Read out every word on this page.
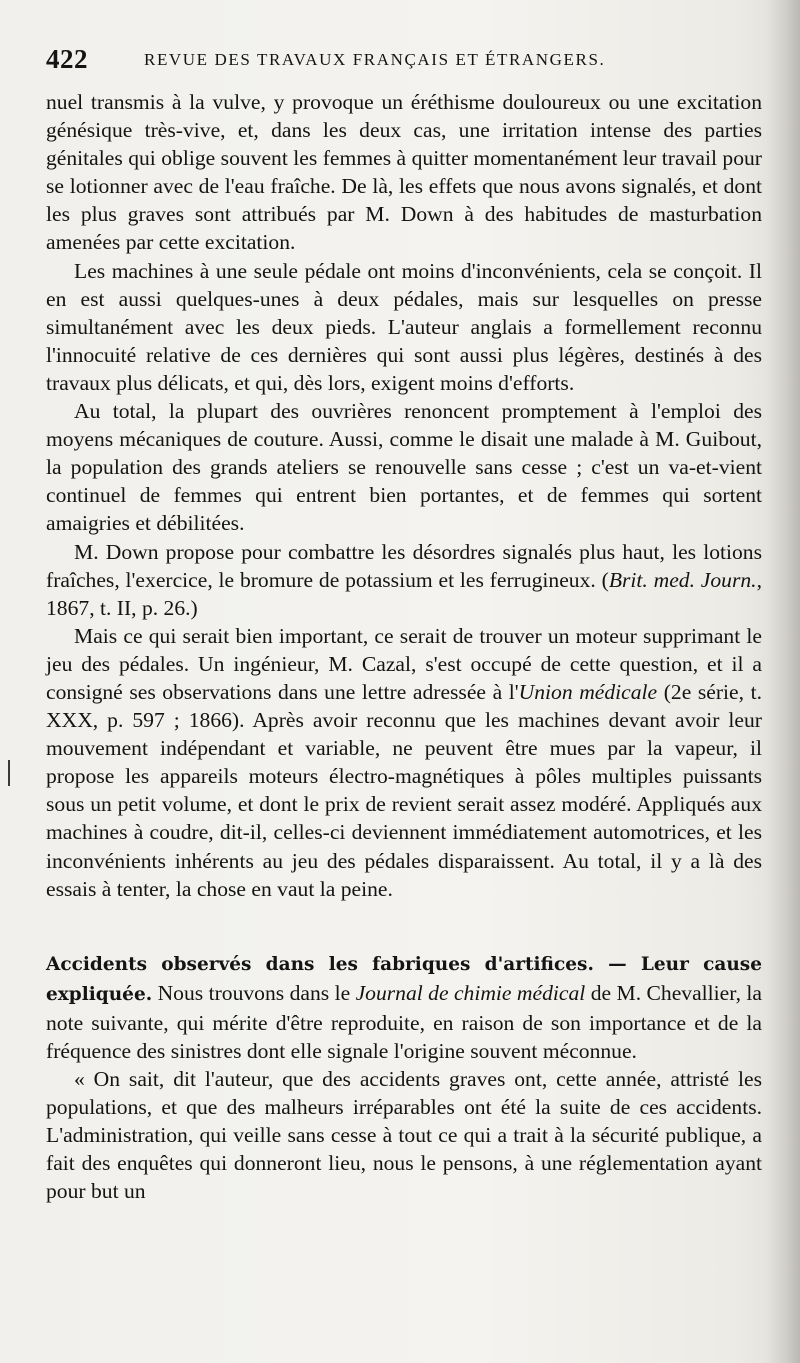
422	REVUE DES TRAVAUX FRANÇAIS ET ÉTRANGERS.

nuel transmis à la vulve, y provoque un éréthisme douloureux ou une excitation génésique très-vive, et, dans les deux cas, une irritation intense des parties génitales qui oblige souvent les femmes à quitter momentanément leur travail pour se lotionner avec de l'eau fraîche. De là, les effets que nous avons signalés, et dont les plus graves sont attribués par M. Down à des habitudes de masturbation amenées par cette excitation.

Les machines à une seule pédale ont moins d'inconvénients, cela se conçoit. Il en est aussi quelques-unes à deux pédales, mais sur lesquelles on presse simultanément avec les deux pieds. L'auteur anglais a formellement reconnu l'innocuité relative de ces dernières qui sont aussi plus légères, destinés à des travaux plus délicats, et qui, dès lors, exigent moins d'efforts.

Au total, la plupart des ouvrières renoncent promptement à l'emploi des moyens mécaniques de couture. Aussi, comme le disait une malade à M. Guibout, la population des grands ateliers se renouvelle sans cesse ; c'est un va-et-vient continuel de femmes qui entrent bien portantes, et de femmes qui sortent amaigries et débilitées.

M. Down propose pour combattre les désordres signalés plus haut, les lotions fraîches, l'exercice, le bromure de potassium et les ferrugineux. (Brit. med. Journ., 1867, t. II, p. 26.)

Mais ce qui serait bien important, ce serait de trouver un moteur supprimant le jeu des pédales. Un ingénieur, M. Cazal, s'est occupé de cette question, et il a consigné ses observations dans une lettre adressée à l'Union médicale (2e série, t. XXX, p. 597 ; 1866). Après avoir reconnu que les machines devant avoir leur mouvement indépendant et variable, ne peuvent être mues par la vapeur, il propose les appareils moteurs électro-magnétiques à pôles multiples puissants sous un petit volume, et dont le prix de revient serait assez modéré. Appliqués aux machines à coudre, dit-il, celles-ci deviennent immédiatement automotrices, et les inconvénients inhérents au jeu des pédales disparaissent. Au total, il y a là des essais à tenter, la chose en vaut la peine.

Accidents observés dans les fabriques d'artifices. — Leur cause expliquée. Nous trouvons dans le Journal de chimie médical de M. Chevallier, la note suivante, qui mérite d'être reproduite, en raison de son importance et de la fréquence des sinistres dont elle signale l'origine souvent méconnue.

« On sait, dit l'auteur, que des accidents graves ont, cette année, attristé les populations, et que des malheurs irréparables ont été la suite de ces accidents. L'administration, qui veille sans cesse à tout ce qui a trait à la sécurité publique, a fait des enquêtes qui donneront lieu, nous le pensons, à une réglementation ayant pour but un
